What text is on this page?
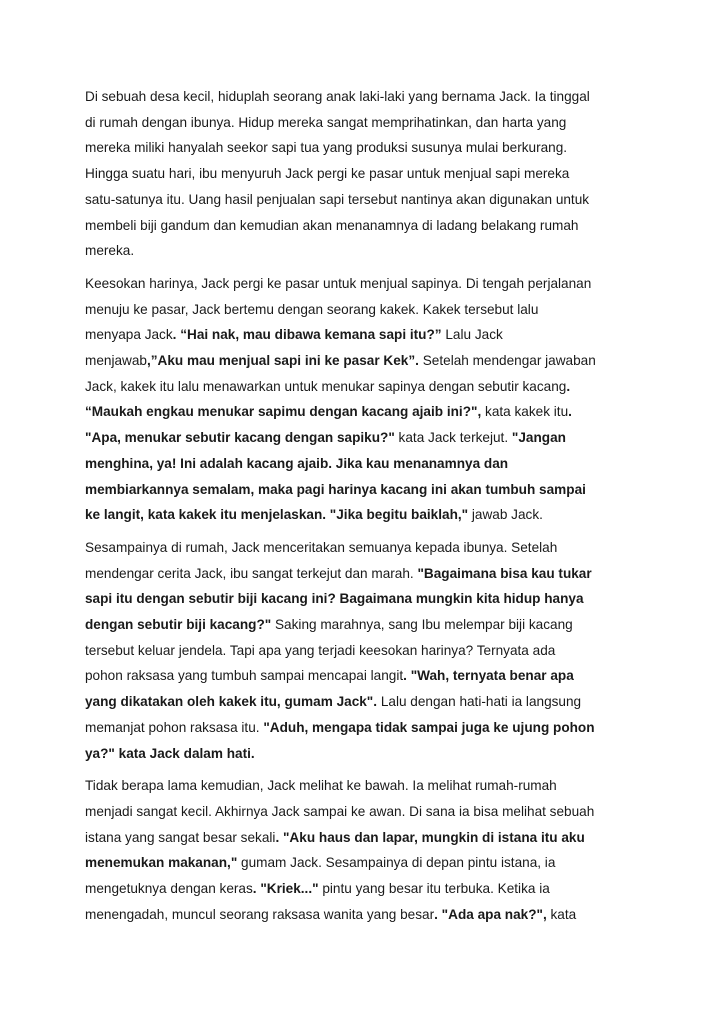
Di sebuah desa kecil, hiduplah seorang anak laki-laki yang bernama Jack. Ia tinggal
di rumah dengan ibunya. Hidup mereka sangat memprihatinkan, dan harta yang
mereka miliki hanyalah seekor sapi tua yang produksi susunya mulai berkurang.
Hingga suatu hari, ibu menyuruh Jack pergi ke pasar untuk menjual sapi mereka
satu-satunya itu. Uang hasil penjualan sapi tersebut nantinya akan digunakan untuk
membeli biji gandum dan kemudian akan menanamnya di ladang belakang rumah
mereka.
Keesokan harinya, Jack pergi ke pasar untuk menjual sapinya. Di tengah perjalanan
menuju ke pasar, Jack bertemu dengan seorang kakek. Kakek tersebut lalu
menyapa Jack. “Hai nak, mau dibawa kemana sapi itu?” Lalu Jack
menjawab,”Aku mau menjual sapi ini ke pasar Kek”. Setelah mendengar jawaban
Jack, kakek itu lalu menawarkan untuk menukar sapinya dengan sebutir kacang.
“Maukah engkau menukar sapimu dengan kacang ajaib ini?", kata kakek itu.
"Apa, menukar sebutir kacang dengan sapiku?" kata Jack terkejut. "Jangan
menghina, ya! Ini adalah kacang ajaib. Jika kau menanamnya dan
membiarkannya semalam, maka pagi harinya kacang ini akan tumbuh sampai
ke langit, kata kakek itu menjelaskan. "Jika begitu baiklah," jawab Jack.
Sesampainya di rumah, Jack menceritakan semuanya kepada ibunya. Setelah
mendengar cerita Jack, ibu sangat terkejut dan marah. "Bagaimana bisa kau tukar
sapi itu dengan sebutir biji kacang ini? Bagaimana mungkin kita hidup hanya
dengan sebutir biji kacang?" Saking marahnya, sang Ibu melempar biji kacang
tersebut keluar jendela. Tapi apa yang terjadi keesokan harinya? Ternyata ada
pohon raksasa yang tumbuh sampai mencapai langit. "Wah, ternyata benar apa
yang dikatakan oleh kakek itu, gumam Jack". Lalu dengan hati-hati ia langsung
memanjat pohon raksasa itu. "Aduh, mengapa tidak sampai juga ke ujung pohon
ya?" kata Jack dalam hati.
Tidak berapa lama kemudian, Jack melihat ke bawah. Ia melihat rumah-rumah
menjadi sangat kecil. Akhirnya Jack sampai ke awan. Di sana ia bisa melihat sebuah
istana yang sangat besar sekali. "Aku haus dan lapar, mungkin di istana itu aku
menemukan makanan," gumam Jack. Sesampainya di depan pintu istana, ia
mengetuknya dengan keras. "Kriek..." pintu yang besar itu terbuka. Ketika ia
menengadah, muncul seorang raksasa wanita yang besar. "Ada apa nak?", kata
